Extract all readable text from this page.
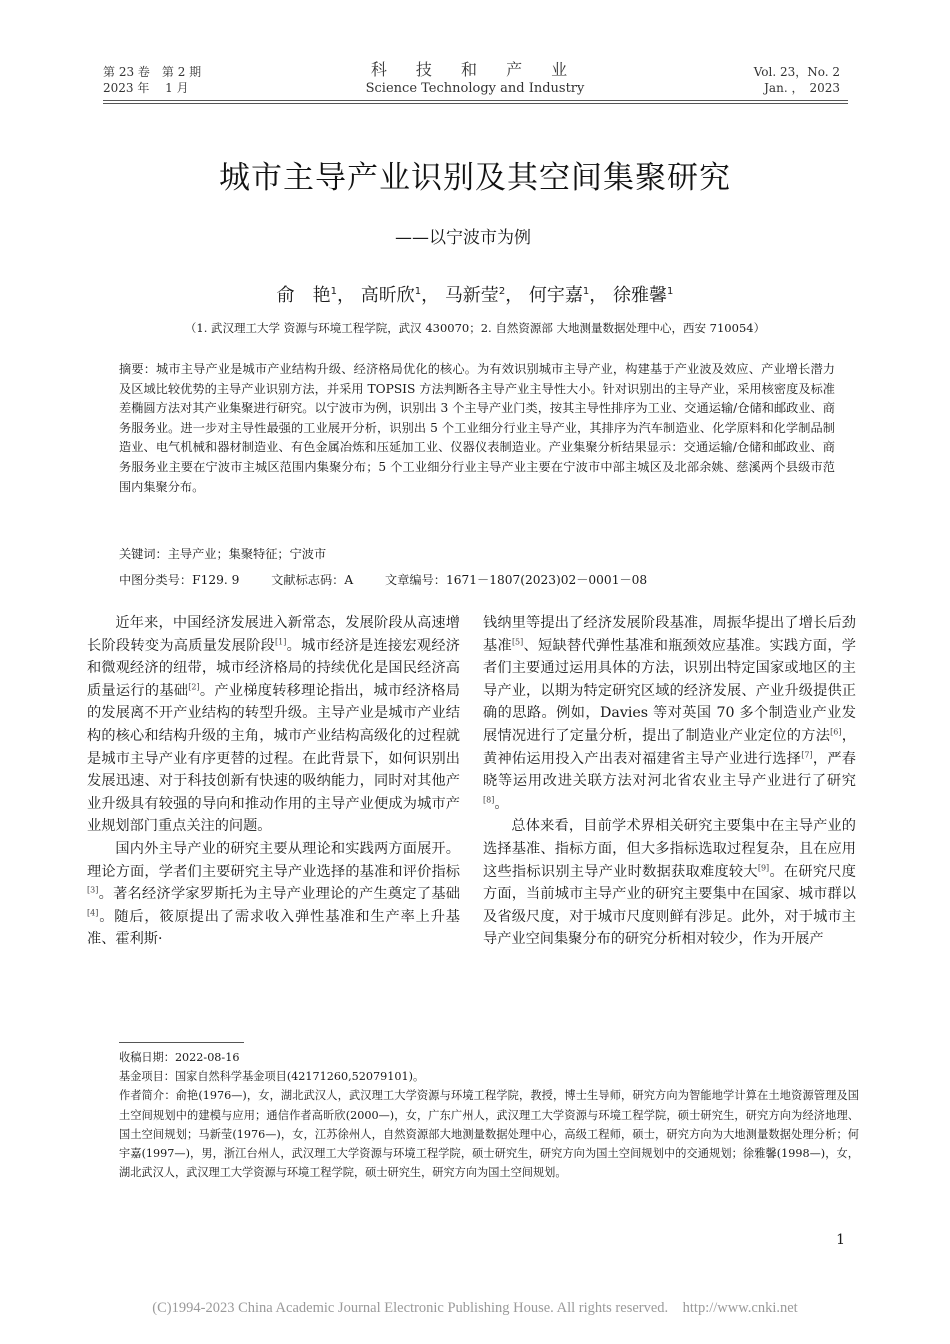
第 23 卷　第 2 期
2023 年　 1 月
科 技 和 产 业
Science Technology and Industry
Vol. 23，No. 2
Jan. ，　2023
城市主导产业识别及其空间集聚研究
——以宁波市为例
俞　艳$^1$， 高昕欣$^1$， 马新莹$^2$， 何宇嘉$^1$， 徐雅馨$^1$
（1. 武汉理工大学 资源与环境工程学院，武汉 430070；2. 自然资源部 大地测量数据处理中心，西安 710054）
摘要：城市主导产业是城市产业结构升级、经济格局优化的核心。为有效识别城市主导产业，构建基于产业波及效应、产业增长潜力及区域比较优势的主导产业识别方法，并采用 TOPSIS 方法判断各主导产业主导性大小。针对识别出的主导产业，采用核密度及标准差椭圆方法对其产业集聚进行研究。以宁波市为例，识别出 3 个主导产业门类，按其主导性排序为工业、交通运输/仓储和邮政业、商务服务业。进一步对主导性最强的工业展开分析，识别出 5 个工业细分行业主导产业，其排序为汽车制造业、化学原料和化学制品制造业、电气机械和器材制造业、有色金属冶炼和压延加工业、仪器仪表制造业。产业集聚分析结果显示：交通运输/仓储和邮政业、商务服务业主要在宁波市主城区范围内集聚分布；5 个工业细分行业主导产业主要在宁波市中部主城区及北部余姚、慈溪两个县级市范围内集聚分布。
关键词：主导产业；集聚特征；宁波市
中图分类号：F129. 9	文献标志码：A	文章编号：1671－1807(2023)02－0001－08

近年来，中国经济发展进入新常态，发展阶段从高速增长阶段转变为高质量发展阶段[1]。城市经济是连接宏观经济和微观经济的纽带，城市经济格局的持续优化是国民经济高质量运行的基础[2]。产业梯度转移理论指出，城市经济格局的发展离不开产业结构的转型升级。主导产业是城市产业结构的核心和结构升级的主角，城市产业结构高级化的过程就是城市主导产业有序更替的过程。在此背景下，如何识别出发展迅速、对于科技创新有快速的吸纳能力，同时对其他产业升级具有较强的导向和推动作用的主导产业便成为城市产业规划部门重点关注的问题。

国内外主导产业的研究主要从理论和实践两方面展开。理论方面，学者们主要研究主导产业选择的基准和评价指标[3]。著名经济学家罗斯托为主导产业理论的产生奠定了基础[4]。随后，筱原提出了需求收入弹性基准和生产率上升基准、霍利斯·

钱纳里等提出了经济发展阶段基准，周振华提出了增长后劲基准[5]、短缺替代弹性基准和瓶颈效应基准。实践方面，学者们主要通过运用具体的方法，识别出特定国家或地区的主导产业，以期为特定研究区域的经济发展、产业升级提供正确的思路。例如，Davies 等对英国 70 多个制造业产业发展情况进行了定量分析，提出了制造业产业定位的方法[6]，黄神佑运用投入产出表对福建省主导产业进行选择[7]，严春晓等运用改进关联方法对河北省农业主导产业进行了研究[8]。

总体来看，目前学术界相关研究主要集中在主导产业的选择基准、指标方面，但大多指标选取过程复杂，且在应用这些指标识别主导产业时数据获取难度较大[9]。在研究尺度方面，当前城市主导产业的研究主要集中在国家、城市群以及省级尺度，对于城市尺度则鲜有涉足。此外，对于城市主导产业空间集聚分布的研究分析相对较少，作为开展产

收稿日期：2022-08-16

基金项目：国家自然科学基金项目(42171260,52079101)。

作者简介：俞艳(1976—)，女，湖北武汉人，武汉理工大学资源与环境工程学院，教授，博士生导师，研究方向为智能地学计算在土地资源管理及国土空间规划中的建模与应用；通信作者高昕欣(2000—)，女，广东广州人，武汉理工大学资源与环境工程学院，硕士研究生，研究方向为经济地理、国土空间规划；马新莹(1976—)，女，江苏徐州人，自然资源部大地测量数据处理中心，高级工程师，硕士，研究方向为大地测量数据处理分析；何宇嘉(1997—)，男，浙江台州人，武汉理工大学资源与环境工程学院，硕士研究生，研究方向为国土空间规划中的交通规划；徐雅馨(1998—)，女，湖北武汉人，武汉理工大学资源与环境工程学院，硕士研究生，研究方向为国土空间规划。

1
(C)1994-2023 China Academic Journal Electronic Publishing House. All rights reserved.　http://www.cnki.net
